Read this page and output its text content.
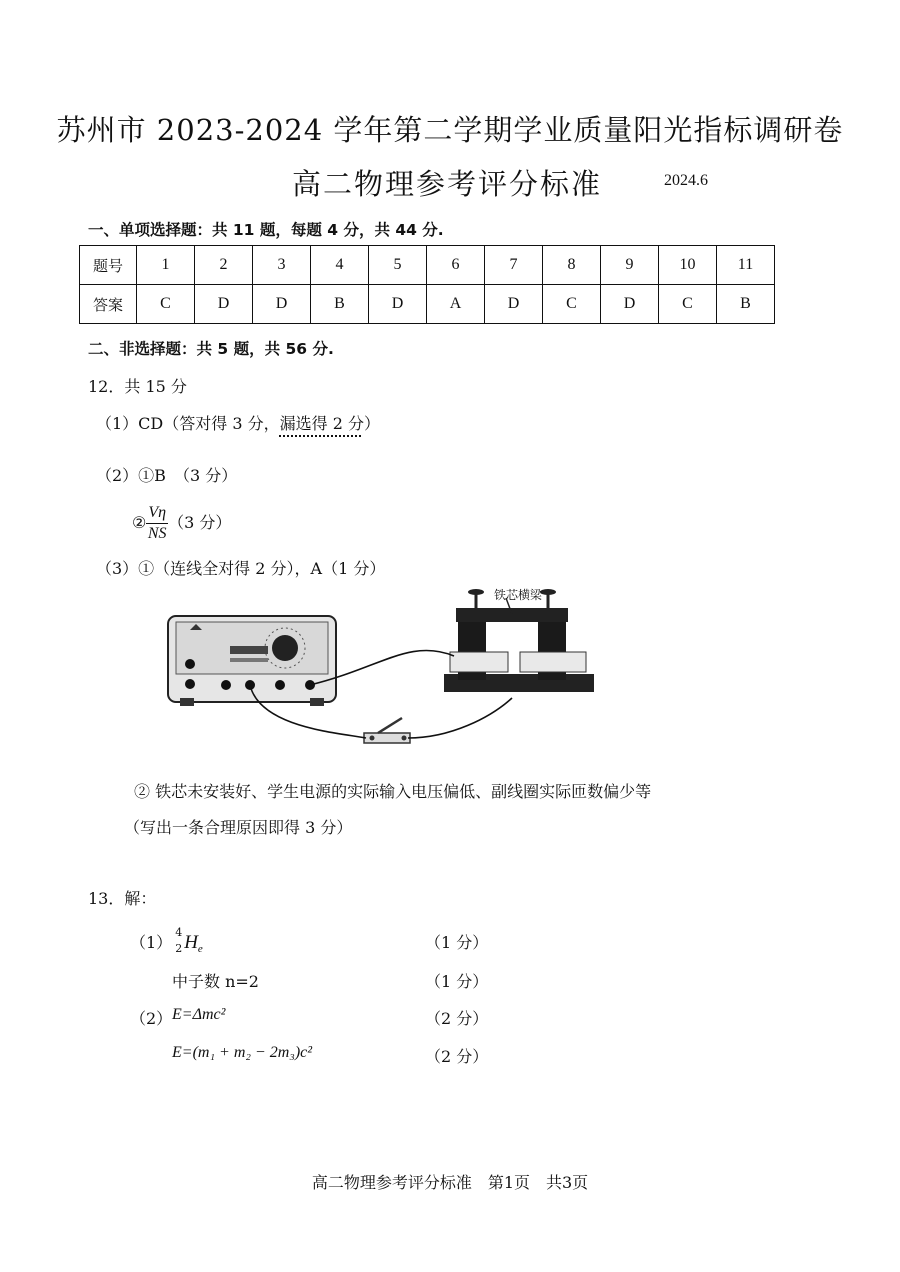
苏州市 2023-2024 学年第二学期学业质量阳光指标调研卷
高二物理参考评分标准	2024.6
一、单项选择题：共 11 题，每题 4 分，共 44 分.
题号	1	2	3	4	5	6	7	8	9	10	11
答案	C	D	D	B	D	A	D	C	D	C	B
二、非选择题：共 5 题，共 56 分.
12．共 15 分
（1）CD（答对得 3 分，漏选得 2 分）
（2）①B　（3 分）
② $\frac{V\eta}{NS} (3$ 分）
（3）①（连线全对得 2 分），A（1 分）
铁芯横梁
② 铁芯未安装好、学生电源的实际输入电压偏低、副线圈实际匝数偏少等
（写出一条合理原因即得 3 分）
13．解：
（1）
4
2 $H_e$	（1 分）
中子数 n=2	（1 分）
（2） E=Δmc²	（2 分）
E=(m₁ + m₂ − 2m₃)c²	（2 分）
高二物理参考评分标准　第1页　共3页
